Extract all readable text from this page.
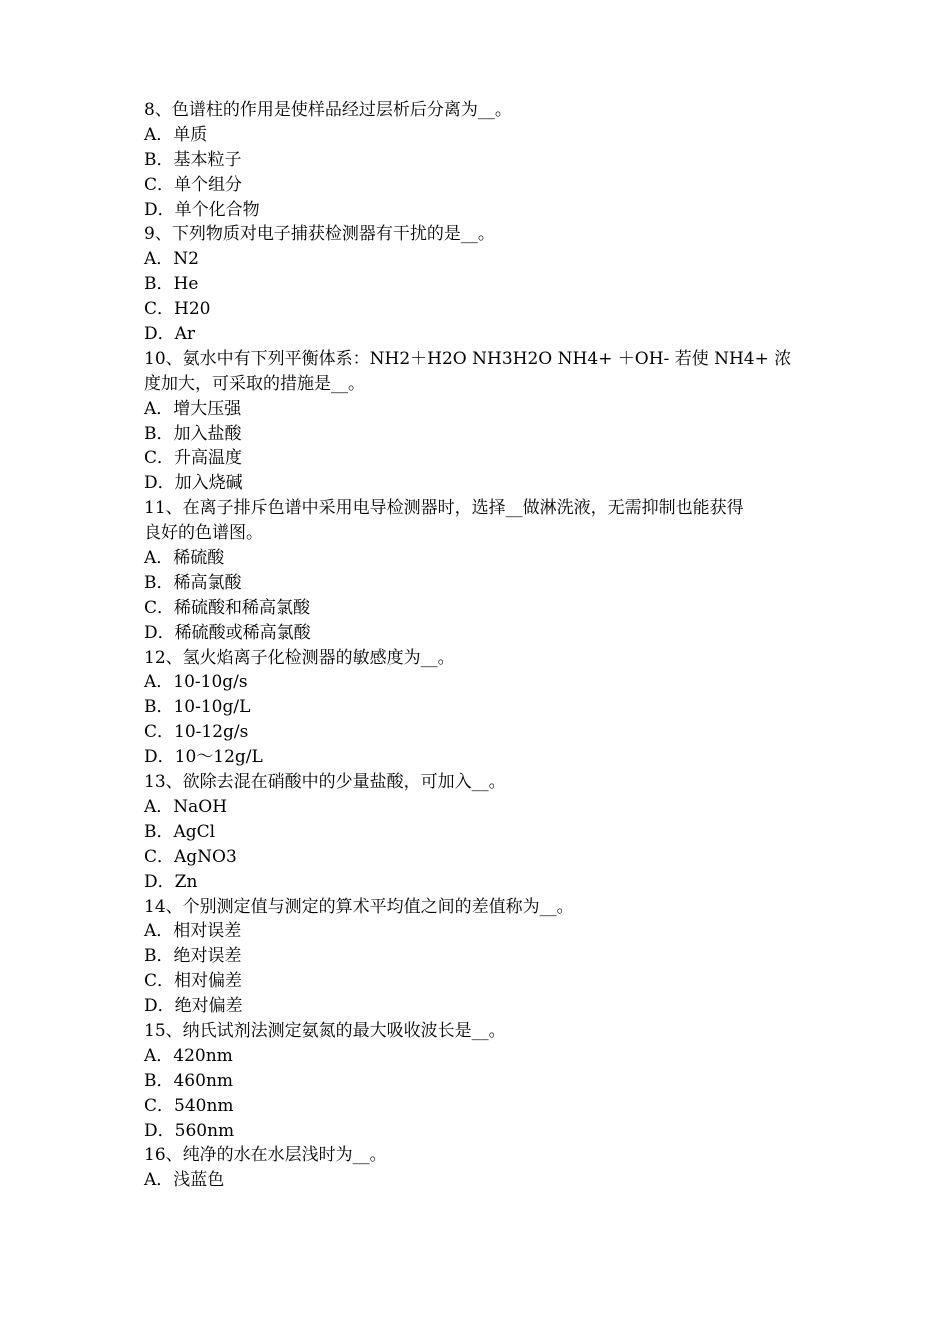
8、色谱柱的作用是使样品经过层析后分离为__。
A．单质
B．基本粒子
C．单个组分
D．单个化合物
9、下列物质对电子捕获检测器有干扰的是__。
A．N2
B．He
C．H20
D．Ar
10、氨水中有下列平衡体系：NH2＋H2O NH3H2O NH4+ ＋OH- 若使 NH4+ 浓
度加大，可采取的措施是__。
A．增大压强
B．加入盐酸
C．升高温度
D．加入烧碱
11、在离子排斥色谱中采用电导检测器时，选择__做淋洗液，无需抑制也能获得
良好的色谱图。
A．稀硫酸
B．稀高氯酸
C．稀硫酸和稀高氯酸
D．稀硫酸或稀高氯酸
12、氢火焰离子化检测器的敏感度为__。
A．10-10g/s
B．10-10g/L
C．10-12g/s
D．10～12g/L
13、欲除去混在硝酸中的少量盐酸，可加入__。
A．NaOH
B．AgCl
C．AgNO3
D．Zn
14、个别测定值与测定的算术平均值之间的差值称为__。
A．相对误差
B．绝对误差
C．相对偏差
D．绝对偏差
15、纳氏试剂法测定氨氮的最大吸收波长是__。
A．420nm
B．460nm
C．540nm
D．560nm
16、纯净的水在水层浅时为__。
A．浅蓝色
